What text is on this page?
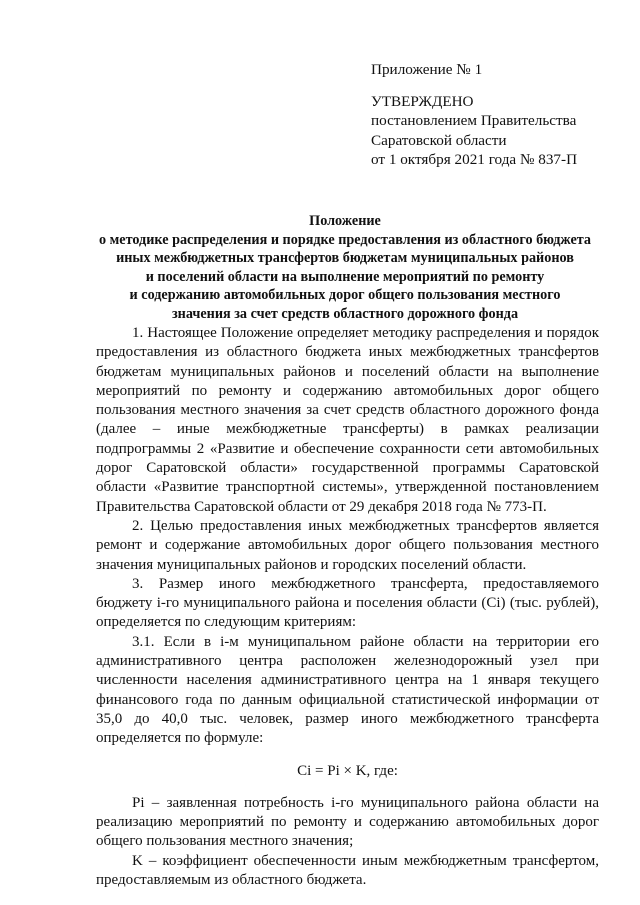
Приложение № 1
УТВЕРЖДЕНО
постановлением Правительства
Саратовской области
от 1 октября 2021 года № 837-П
Положение
о методике распределения и порядке предоставления из областного бюджета
иных межбюджетных трансфертов бюджетам муниципальных районов
и поселений области на выполнение мероприятий по ремонту
и содержанию автомобильных дорог общего пользования местного
значения за счет средств областного дорожного фонда

1. Настоящее Положение определяет методику распределения и порядок предоставления из областного бюджета иных межбюджетных трансфертов бюджетам муниципальных районов и поселений области на выполнение мероприятий по ремонту и содержанию автомобильных дорог общего пользования местного значения за счет средств областного дорожного фонда (далее – иные межбюджетные трансферты) в рамках реализации подпрограммы 2 «Развитие и обеспечение сохранности сети автомобильных дорог Саратовской области» государственной программы Саратовской области «Развитие транспортной системы», утвержденной постановлением Правительства Саратовской области от 29 декабря 2018 года № 773-П.

2. Целью предоставления иных межбюджетных трансфертов является ремонт и содержание автомобильных дорог общего пользования местного значения муниципальных районов и городских поселений области.

3. Размер иного межбюджетного трансферта, предоставляемого бюджету i-го муниципального района и поселения области (Ci) (тыс. рублей), определяется по следующим критериям:

3.1. Если в i-м муниципальном районе области на территории его административного центра расположен железнодорожный узел при численности населения административного центра на 1 января текущего финансового года по данным официальной статистической информации от 35,0 до 40,0 тыс. человек, размер иного межбюджетного трансферта определяется по формуле:

Ci = Pi × K, где:

Pi – заявленная потребность i-го муниципального района области на реализацию мероприятий по ремонту и содержанию автомобильных дорог общего пользования местного значения;

K – коэффициент обеспеченности иным межбюджетным трансфертом, предоставляемым из областного бюджета.
